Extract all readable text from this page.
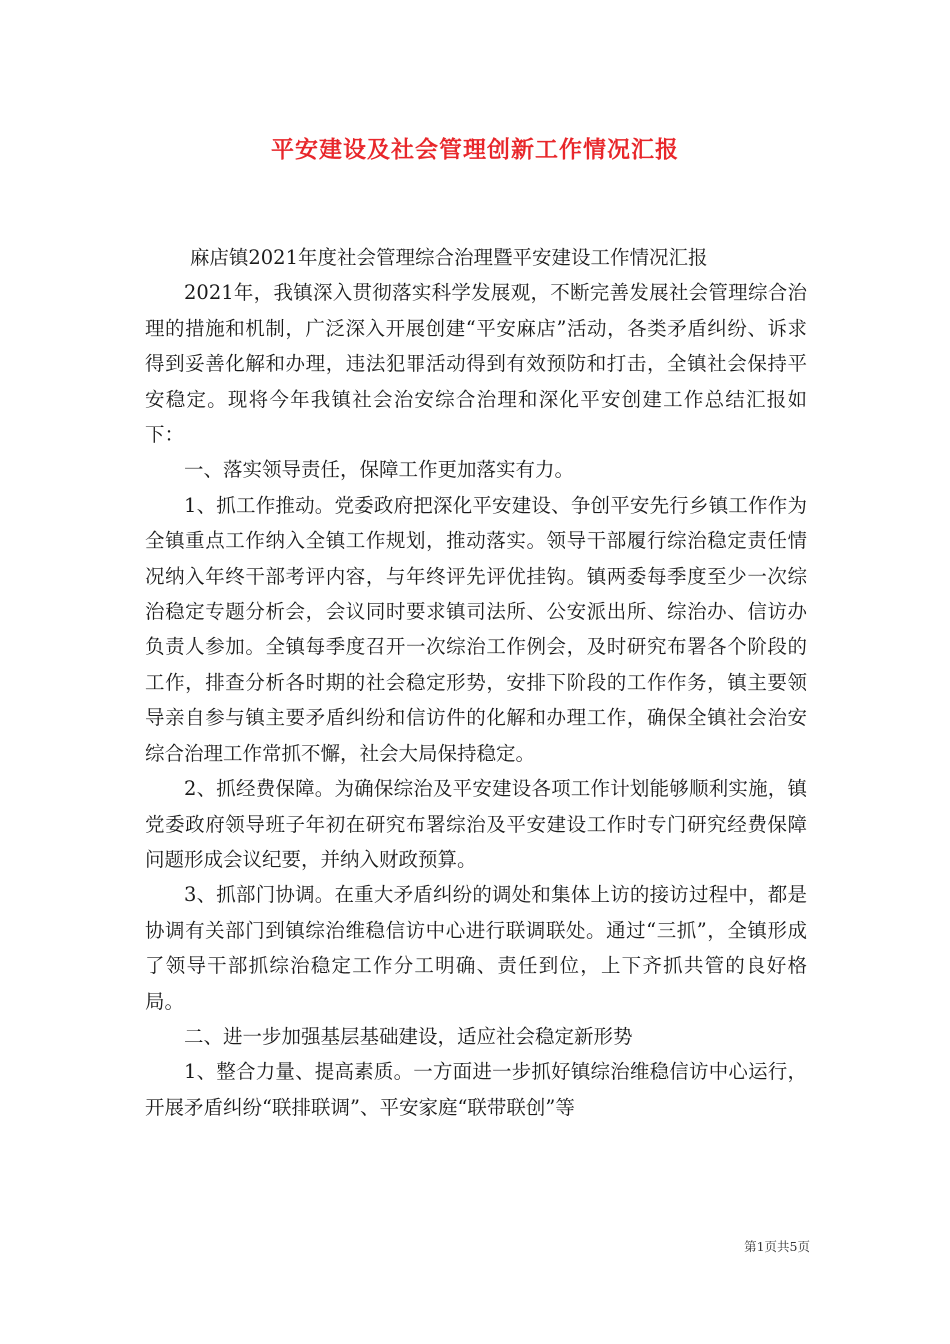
平安建设及社会管理创新工作情况汇报

麻店镇2021年度社会管理综合治理暨平安建设工作情况汇报

2021年，我镇深入贯彻落实科学发展观，不断完善发展社会管理综合治理的措施和机制，广泛深入开展创建“平安麻店”活动，各类矛盾纠纷、诉求得到妥善化解和办理，违法犯罪活动得到有效预防和打击，全镇社会保持平安稳定。现将今年我镇社会治安综合治理和深化平安创建工作总结汇报如下：

一、落实领导责任，保障工作更加落实有力。

1、抓工作推动。党委政府把深化平安建设、争创平安先行乡镇工作作为全镇重点工作纳入全镇工作规划，推动落实。领导干部履行综治稳定责任情况纳入年终干部考评内容，与年终评先评优挂钩。镇两委每季度至少一次综治稳定专题分析会，会议同时要求镇司法所、公安派出所、综治办、信访办负责人参加。全镇每季度召开一次综治工作例会，及时研究布署各个阶段的工作，排查分析各时期的社会稳定形势，安排下阶段的工作作务，镇主要领导亲自参与镇主要矛盾纠纷和信访件的化解和办理工作，确保全镇社会治安综合治理工作常抓不懈，社会大局保持稳定。

2、抓经费保障。为确保综治及平安建设各项工作计划能够顺利实施，镇党委政府领导班子年初在研究布署综治及平安建设工作时专门研究经费保障问题形成会议纪要，并纳入财政预算。

3、抓部门协调。在重大矛盾纠纷的调处和集体上访的接访过程中，都是协调有关部门到镇综治维稳信访中心进行联调联处。通过“三抓”，全镇形成了领导干部抓综治稳定工作分工明确、责任到位，上下齐抓共管的良好格局。

二、进一步加强基层基础建设，适应社会稳定新形势

1、整合力量、提高素质。一方面进一步抓好镇综治维稳信访中心运行，开展矛盾纠纷“联排联调”、平安家庭“联带联创”等

第1页共5页
